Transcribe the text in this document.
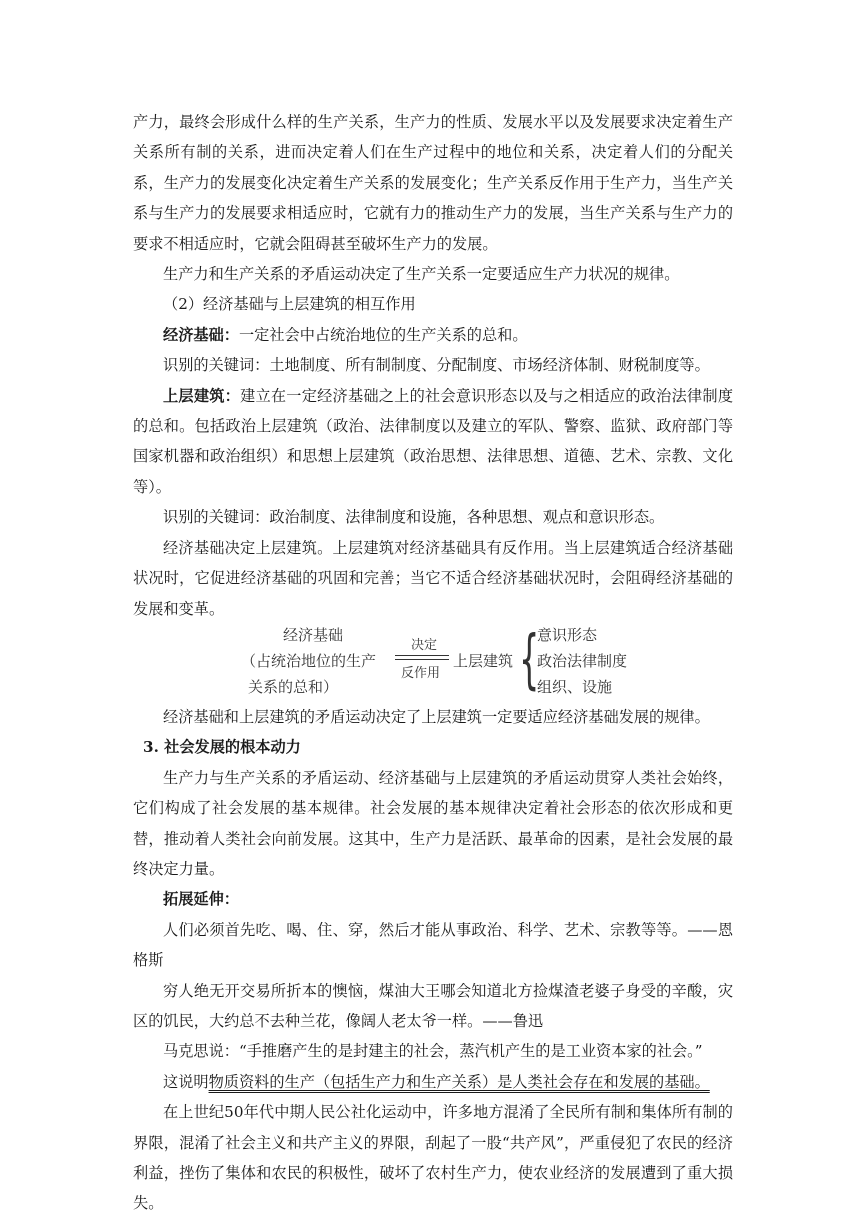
产力，最终会形成什么样的生产关系，生产力的性质、发展水平以及发展要求决定着生产关系所有制的关系，进而决定着人们在生产过程中的地位和关系，决定着人们的分配关系，生产力的发展变化决定着生产关系的发展变化；生产关系反作用于生产力，当生产关系与生产力的发展要求相适应时，它就有力的推动生产力的发展，当生产关系与生产力的要求不相适应时，它就会阻碍甚至破坏生产力的发展。

生产力和生产关系的矛盾运动决定了生产关系一定要适应生产力状况的规律。

（2）经济基础与上层建筑的相互作用

经济基础：一定社会中占统治地位的生产关系的总和。

识别的关键词：土地制度、所有制制度、分配制度、市场经济体制、财税制度等。

上层建筑：建立在一定经济基础之上的社会意识形态以及与之相适应的政治法律制度的总和。包括政治上层建筑（政治、法律制度以及建立的军队、警察、监狱、政府部门等国家机器和政治组织）和思想上层建筑（政治思想、法律思想、道德、艺术、宗教、文化等）。

识别的关键词：政治制度、法律制度和设施，各种思想、观点和意识形态。

经济基础决定上层建筑。上层建筑对经济基础具有反作用。当上层建筑适合经济基础状况时，它促进经济基础的巩固和完善；当它不适合经济基础状况时，会阻碍经济基础的发展和变革。

经济基础
（占统治地位的生产
关系的总和）
决定
反作用
上层建筑 {
意识形态
政治法律制度
组织、设施

经济基础和上层建筑的矛盾运动决定了上层建筑一定要适应经济基础发展的规律。

3. 社会发展的根本动力

生产力与生产关系的矛盾运动、经济基础与上层建筑的矛盾运动贯穿人类社会始终，它们构成了社会发展的基本规律。社会发展的基本规律决定着社会形态的依次形成和更替，推动着人类社会向前发展。这其中，生产力是活跃、最革命的因素，是社会发展的最终决定力量。

拓展延伸：

人们必须首先吃、喝、住、穿，然后才能从事政治、科学、艺术、宗教等等。——恩格斯

穷人绝无开交易所折本的懊恼，煤油大王哪会知道北方捡煤渣老婆子身受的辛酸，灾区的饥民，大约总不去种兰花，像阔人老太爷一样。——鲁迅

马克思说：“手推磨产生的是封建主的社会，蒸汽机产生的是工业资本家的社会。”

这说明物质资料的生产（包括生产力和生产关系）是人类社会存在和发展的基础。

在上世纪50年代中期人民公社化运动中，许多地方混淆了全民所有制和集体所有制的界限，混淆了社会主义和共产主义的界限，刮起了一股“共产风”，严重侵犯了农民的经济利益，挫伤了集体和农民的积极性，破坏了农村生产力，使农业经济的发展遭到了重大损失。
